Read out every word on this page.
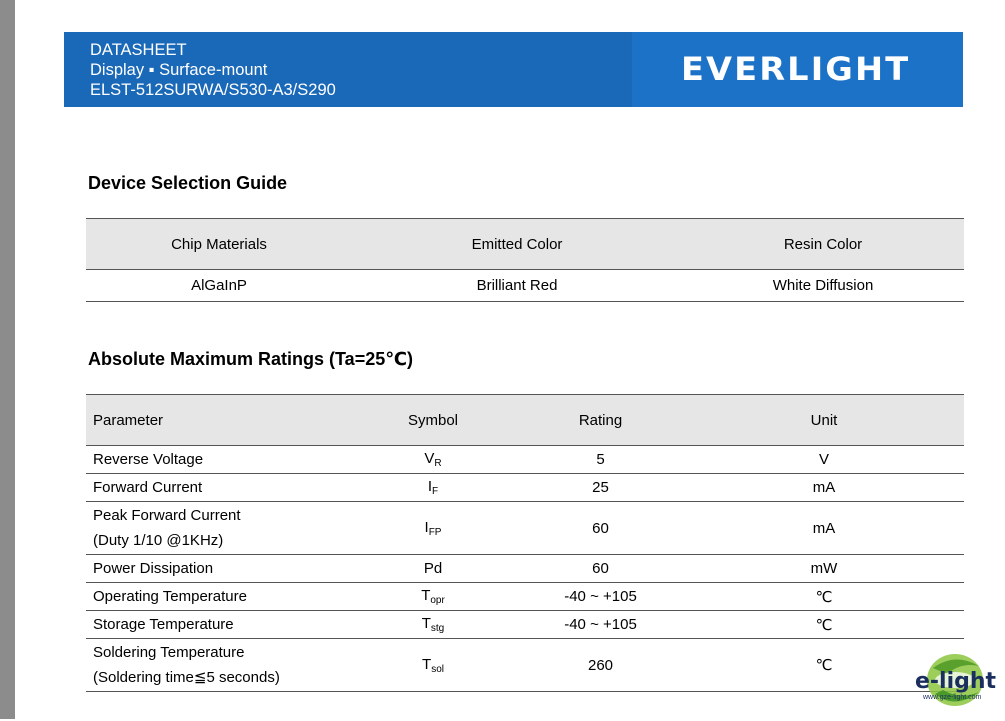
DATASHEET
Display ▪ Surface-mount
ELST-512SURWA/S530-A3/S290
EVERLIGHT
Device Selection Guide
Chip Materials	Emitted Color	Resin Color
AlGaInP	Brilliant Red	White Diffusion
Absolute Maximum Ratings (Ta=25℃)
Parameter	Symbol	Rating	Unit
Reverse Voltage	$V_R$	5	V
Forward Current	$I_F$	25	mA

Peak Forward Current
(Duty 1/10 @1KHz)	$I_{FP}$	60	mA
Power Dissipation	Pd	60	mW
Operating Temperature	$T_{opr}$	-40 ~ +105	℃
Storage Temperature	$T_{stg}$	-40 ~ +105	℃

Soldering Temperature
(Soldering time≦5 seconds)	$T_{sol}$	260	℃
e-light
www.gze-light.com
